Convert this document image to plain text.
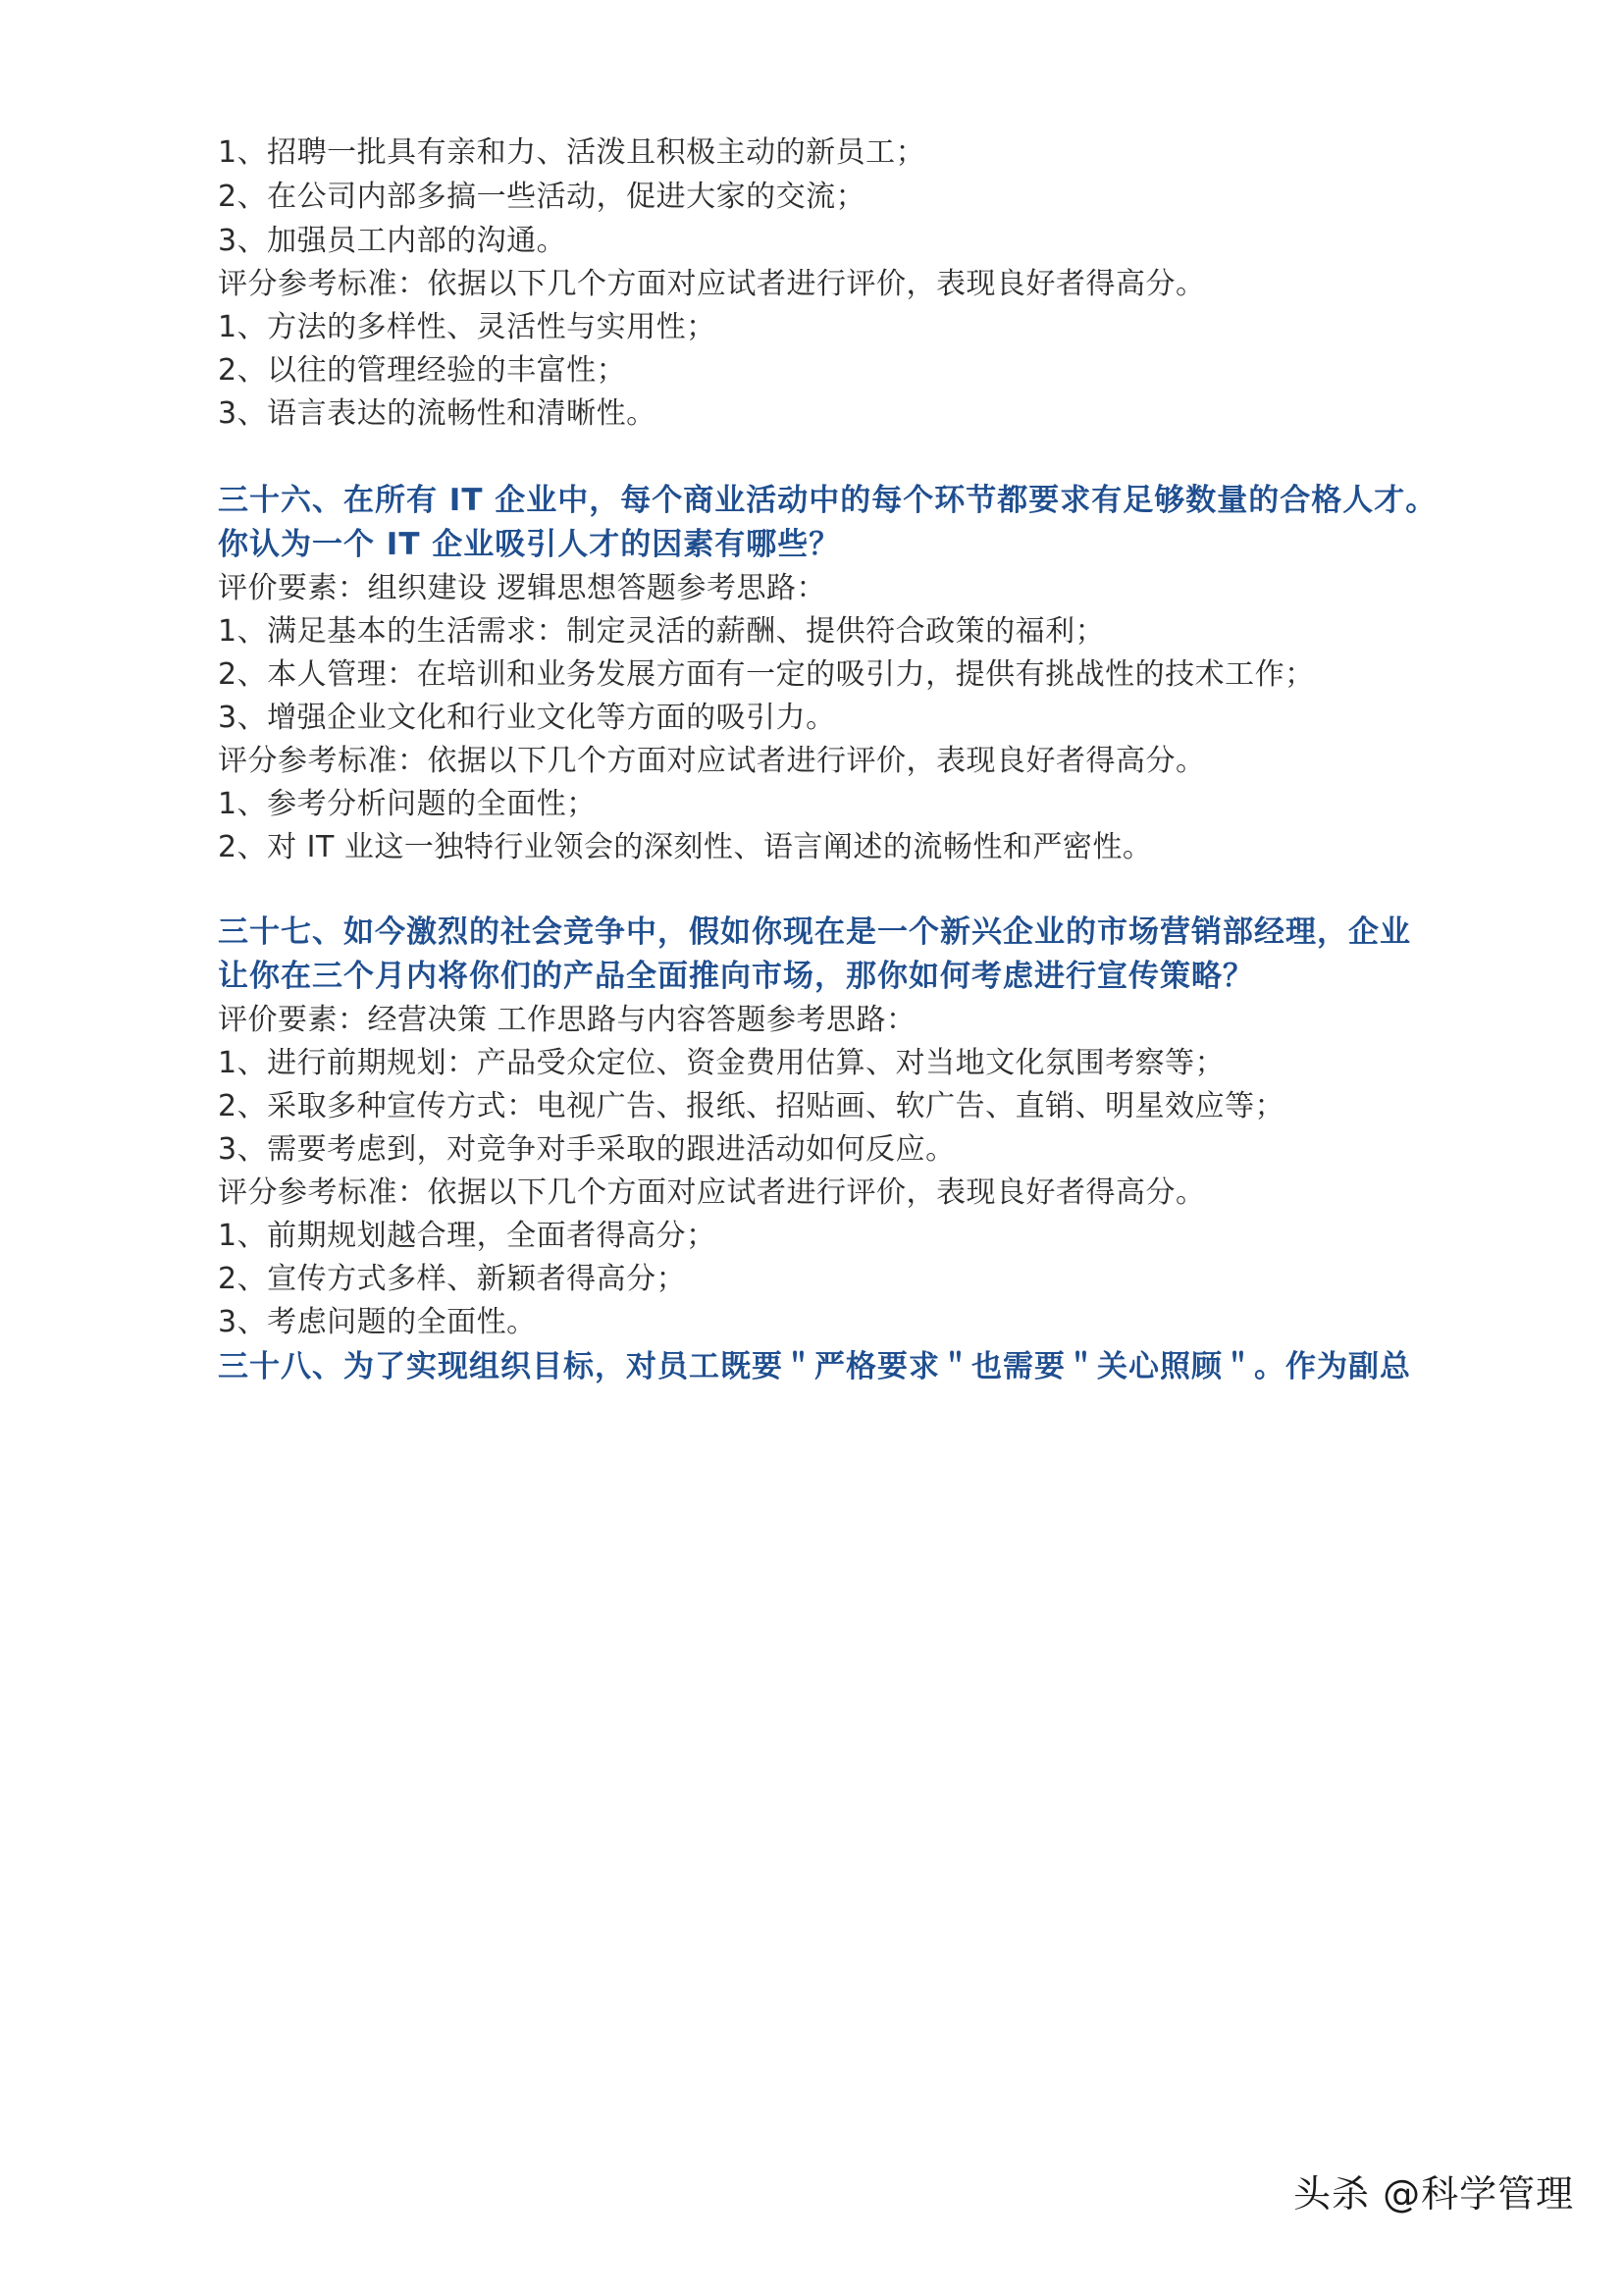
1、招聘一批具有亲和力、活泼且积极主动的新员工；
2、在公司内部多搞一些活动，促进大家的交流；
3、加强员工内部的沟通。
评分参考标准：依据以下几个方面对应试者进行评价，表现良好者得高分。
1、方法的多样性、灵活性与实用性；
2、以往的管理经验的丰富性；
3、语言表达的流畅性和清晰性。
三十六、在所有 IT 企业中，每个商业活动中的每个环节都要求有足够数量的合格人才。
你认为一个 IT 企业吸引人才的因素有哪些？
评价要素：组织建设 逻辑思想答题参考思路：
1、满足基本的生活需求：制定灵活的薪酬、提供符合政策的福利；
2、本人管理：在培训和业务发展方面有一定的吸引力，提供有挑战性的技术工作；
3、增强企业文化和行业文化等方面的吸引力。
评分参考标准：依据以下几个方面对应试者进行评价，表现良好者得高分。
1、参考分析问题的全面性；
2、对 IT 业这一独特行业领会的深刻性、语言阐述的流畅性和严密性。
三十七、如今激烈的社会竞争中，假如你现在是一个新兴企业的市场营销部经理，企业
让你在三个月内将你们的产品全面推向市场，那你如何考虑进行宣传策略？
评价要素：经营决策 工作思路与内容答题参考思路：
1、进行前期规划：产品受众定位、资金费用估算、对当地文化氛围考察等；
2、采取多种宣传方式：电视广告、报纸、招贴画、软广告、直销、明星效应等；
3、需要考虑到，对竞争对手采取的跟进活动如何反应。
评分参考标准：依据以下几个方面对应试者进行评价，表现良好者得高分。
1、前期规划越合理，全面者得高分；
2、宣传方式多样、新颖者得高分；
3、考虑问题的全面性。
三十八、为了实现组织目标，对员工既要＂严格要求＂也需要＂关心照顾＂。作为副总
头杀 @科学管理
